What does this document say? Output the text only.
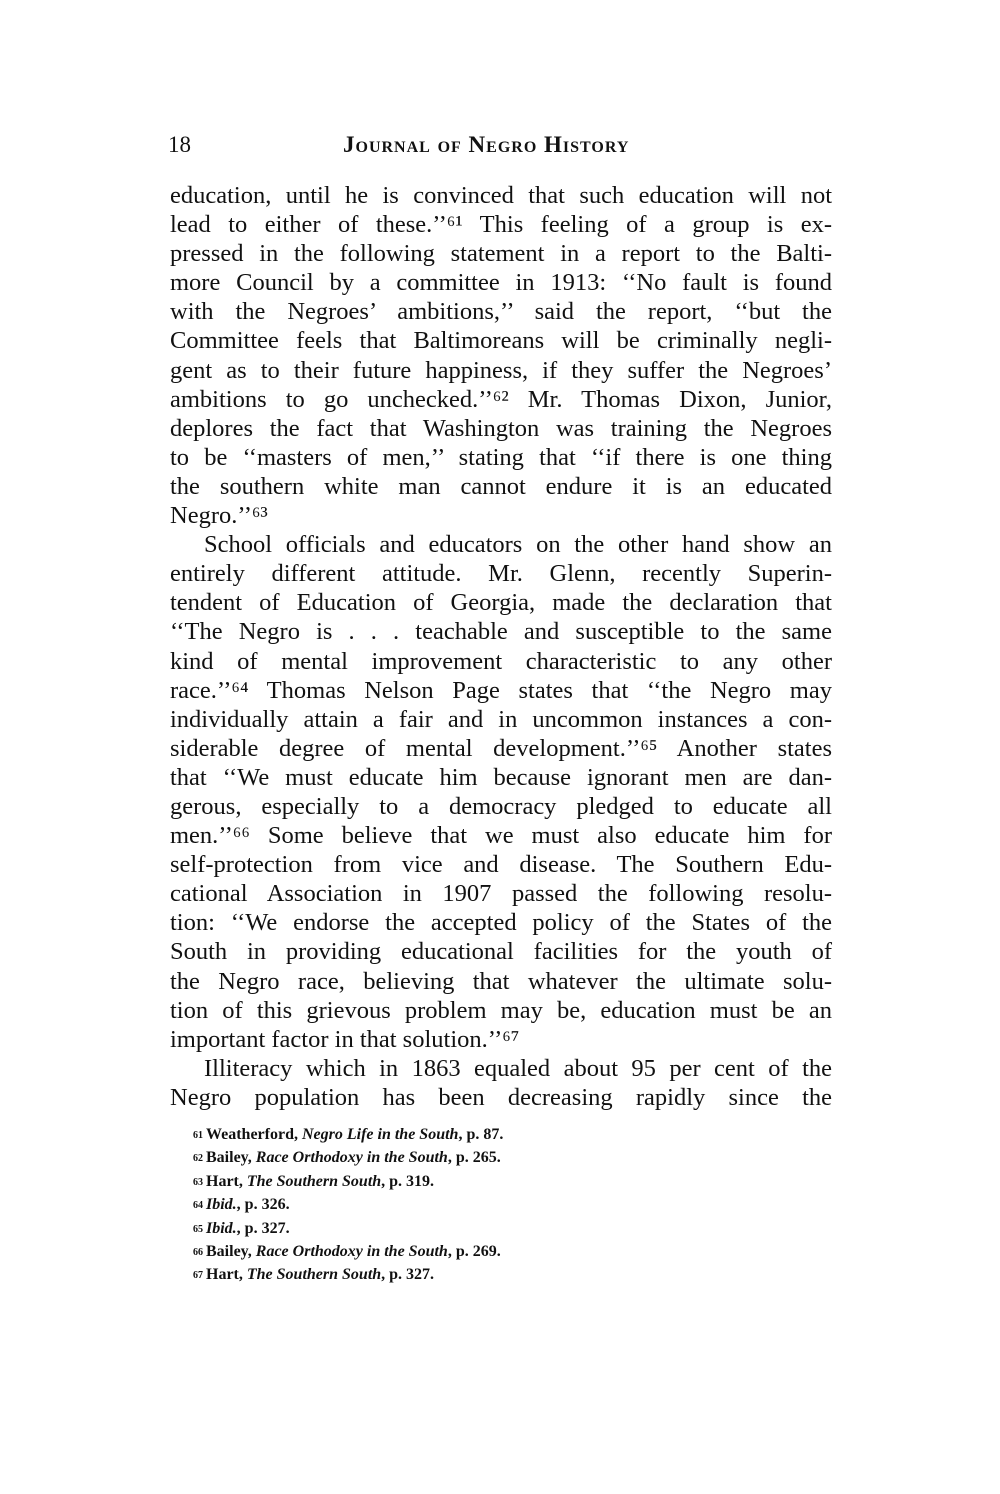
18	Journal of Negro History
education, until he is convinced that such education will not
lead to either of these.’’⁶¹ This feeling of a group is ex-
pressed in the following statement in a report to the Balti-
more Council by a committee in 1913: ‘‘No fault is found
with the Negroes’ ambitions,’’ said the report, ‘‘but the
Committee feels that Baltimoreans will be criminally negli-
gent as to their future happiness, if they suffer the Negroes’
ambitions to go unchecked.’’⁶² Mr. Thomas Dixon, Junior,
deplores the fact that Washington was training the Negroes
to be ‘‘masters of men,’’ stating that ‘‘if there is one thing
the southern white man cannot endure it is an educated
Negro.’’⁶³
School officials and educators on the other hand show an
entirely different attitude. Mr. Glenn, recently Superin-
tendent of Education of Georgia, made the declaration that
‘‘The Negro is . . . teachable and susceptible to the same
kind of mental improvement characteristic to any other
race.’’⁶⁴ Thomas Nelson Page states that ‘‘the Negro may
individually attain a fair and in uncommon instances a con-
siderable degree of mental development.’’⁶⁵ Another states
that ‘‘We must educate him because ignorant men are dan-
gerous, especially to a democracy pledged to educate all
men.’’⁶⁶ Some believe that we must also educate him for
self-protection from vice and disease. The Southern Edu-
cational Association in 1907 passed the following resolu-
tion: ‘‘We endorse the accepted policy of the States of the
South in providing educational facilities for the youth of
the Negro race, believing that whatever the ultimate solu-
tion of this grievous problem may be, education must be an
important factor in that solution.’’⁶⁷
Illiteracy which in 1863 equaled about 95 per cent of the
Negro population has been decreasing rapidly since the
61 Weatherford, Negro Life in the South, p. 87.
62 Bailey, Race Orthodoxy in the South, p. 265.
63 Hart, The Southern South, p. 319.
64 Ibid., p. 326.
65 Ibid., p. 327.
66 Bailey, Race Orthodoxy in the South, p. 269.
67 Hart, The Southern South, p. 327.
